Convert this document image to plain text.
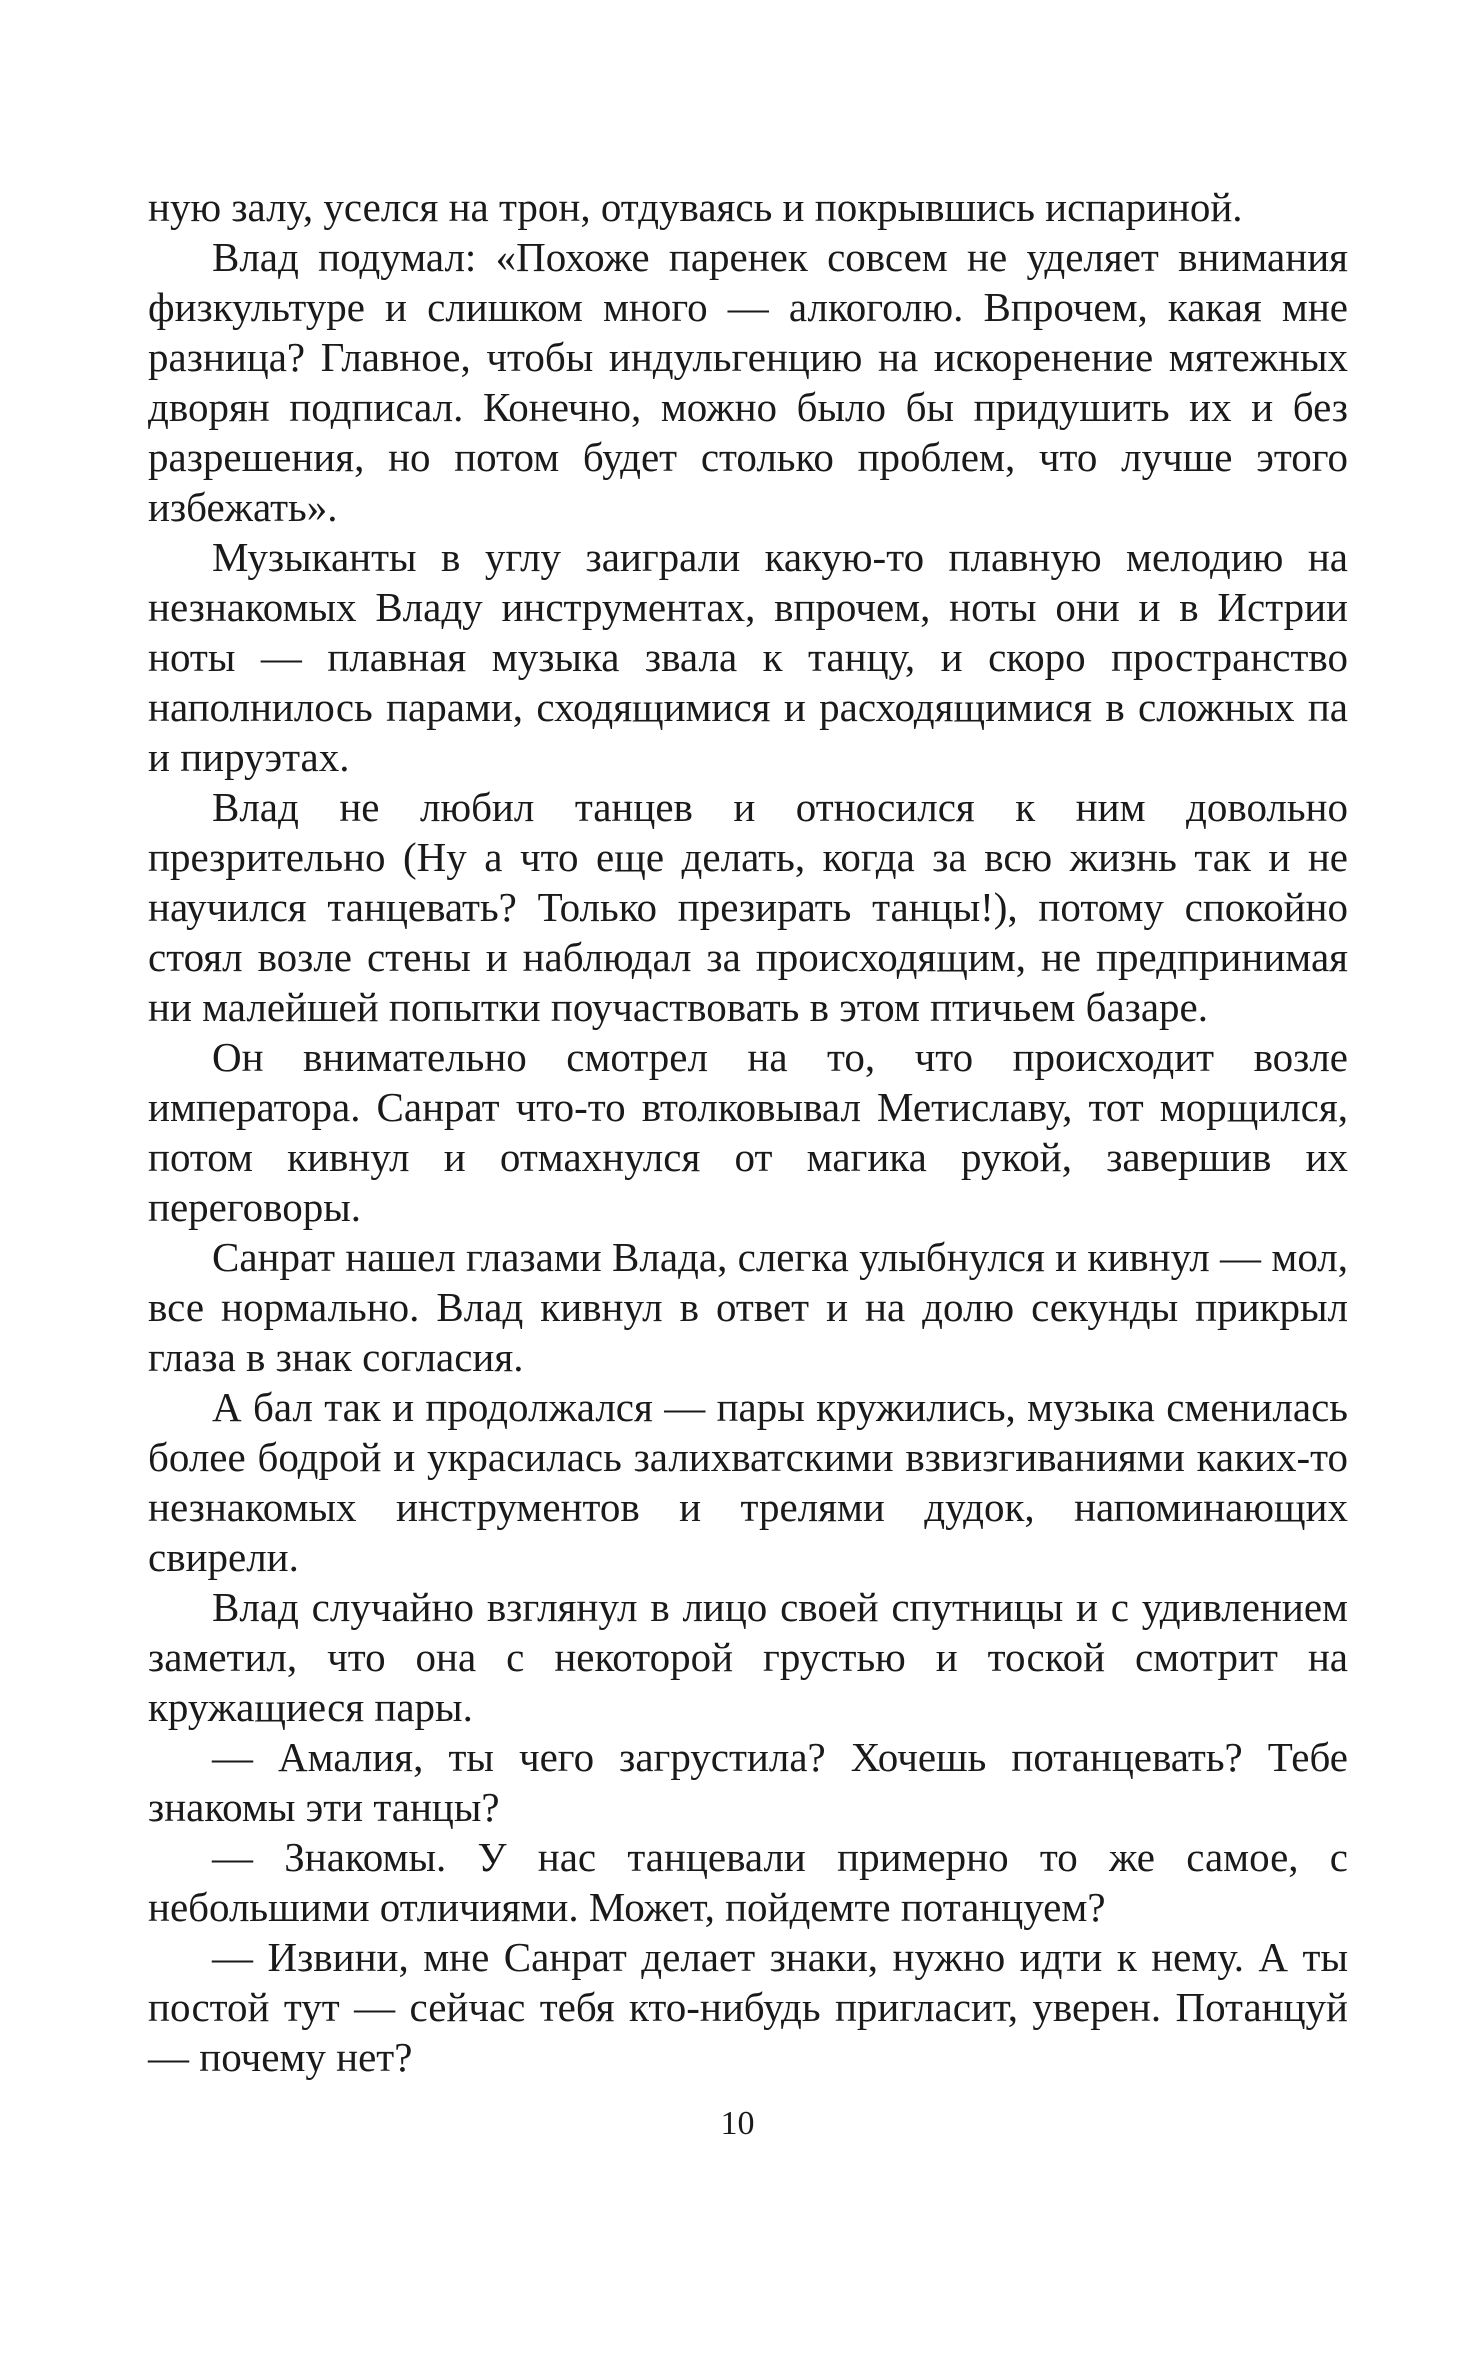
ную залу, уселся на трон, отдуваясь и покрывшись испариной.

Влад подумал: «Похоже паренек совсем не уделяет внимания физкультуре и слишком много — алкоголю. Впрочем, какая мне разница? Главное, чтобы индульгенцию на искоренение мятежных дворян подписал. Конечно, можно было бы придушить их и без разрешения, но потом будет столько проблем, что лучше этого избежать».

Музыканты в углу заиграли какую-то плавную мелодию на незнакомых Владу инструментах, впрочем, ноты они и в Истрии ноты — плавная музыка звала к танцу, и скоро пространство наполнилось парами, сходящимися и расходящимися в сложных па и пируэтах.

Влад не любил танцев и относился к ним довольно презрительно (Ну а что еще делать, когда за всю жизнь так и не научился танцевать? Только презирать танцы!), потому спокойно стоял возле стены и наблюдал за происходящим, не предпринимая ни малейшей попытки поучаствовать в этом птичьем базаре.

Он внимательно смотрел на то, что происходит возле императора. Санрат что-то втолковывал Метиславу, тот морщился, потом кивнул и отмахнулся от магика рукой, завершив их переговоры.

Санрат нашел глазами Влада, слегка улыбнулся и кивнул — мол, все нормально. Влад кивнул в ответ и на долю секунды прикрыл глаза в знак согласия.

А бал так и продолжался — пары кружились, музыка сменилась более бодрой и украсилась залихватскими взвизгиваниями каких-то незнакомых инструментов и трелями дудок, напоминающих свирели.

Влад случайно взглянул в лицо своей спутницы и с удивлением заметил, что она с некоторой грустью и тоской смотрит на кружащиеся пары.

— Амалия, ты чего загрустила? Хочешь потанцевать? Тебе знакомы эти танцы?

— Знакомы. У нас танцевали примерно то же самое, с небольшими отличиями. Может, пойдемте потанцуем?

— Извини, мне Санрат делает знаки, нужно идти к нему. А ты постой тут — сейчас тебя кто-нибудь пригласит, уверен. Потанцуй — почему нет?

10
